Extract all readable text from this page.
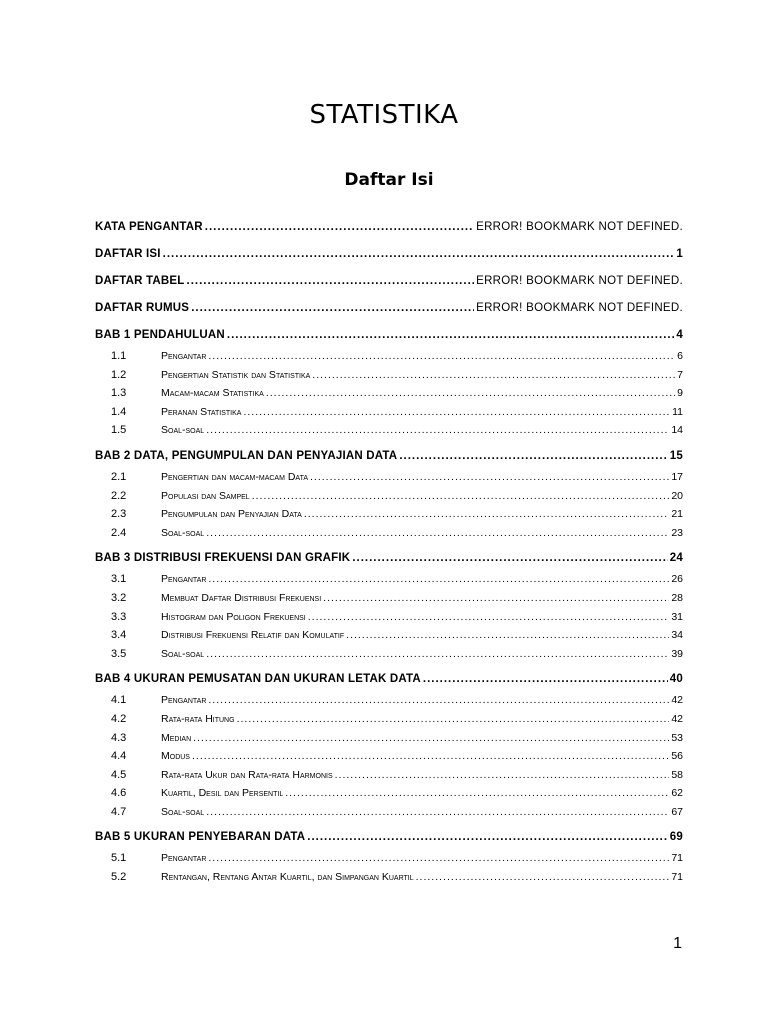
STATISTIKA
Daftar Isi
KATA PENGANTAR .....	ERROR! BOOKMARK NOT DEFINED.
DAFTAR ISI .....	1
DAFTAR TABEL .....	ERROR! BOOKMARK NOT DEFINED.
DAFTAR RUMUS .....	ERROR! BOOKMARK NOT DEFINED.
BAB 1 PENDAHULUAN .....	4
1.1	Pengantar .....	6
1.2	Pengertian Statistik dan Statistika .....	7
1.3	Macam-macam Statistika .....	9
1.4	Peranan Statistika .....	11
1.5	Soal-soal .....	14
BAB 2 DATA, PENGUMPULAN DAN PENYAJIAN DATA .....	15
2.1	Pengertian dan macam-macam Data .....	17
2.2	Populasi dan Sampel .....	20
2.3	Pengumpulan dan Penyajian Data .....	21
2.4	Soal-soal .....	23
BAB 3 DISTRIBUSI FREKUENSI DAN GRAFIK .....	24
3.1	Pengantar .....	26
3.2	Membuat Daftar Distribusi Frekuensi .....	28
3.3	Histogram dan Poligon Frekuensi .....	31
3.4	Distribusi Frekuensi Relatif dan Komulatif .....	34
3.5	Soal-soal .....	39
BAB 4 UKURAN PEMUSATAN DAN UKURAN LETAK DATA .....	40
4.1	Pengantar .....	42
4.2	Rata-rata Hitung .....	42
4.3	Median .....	53
4.4	Modus .....	56
4.5	Rata-rata Ukur dan Rata-rata Harmonis .....	58
4.6	Kuartil, Desil dan Persentil .....	62
4.7	Soal-soal .....	67
BAB 5 UKURAN PENYEBARAN DATA .....	69
5.1	Pengantar .....	71
5.2	Rentangan, Rentang Antar Kuartil, dan Simpangan Kuartil .....	71
1
